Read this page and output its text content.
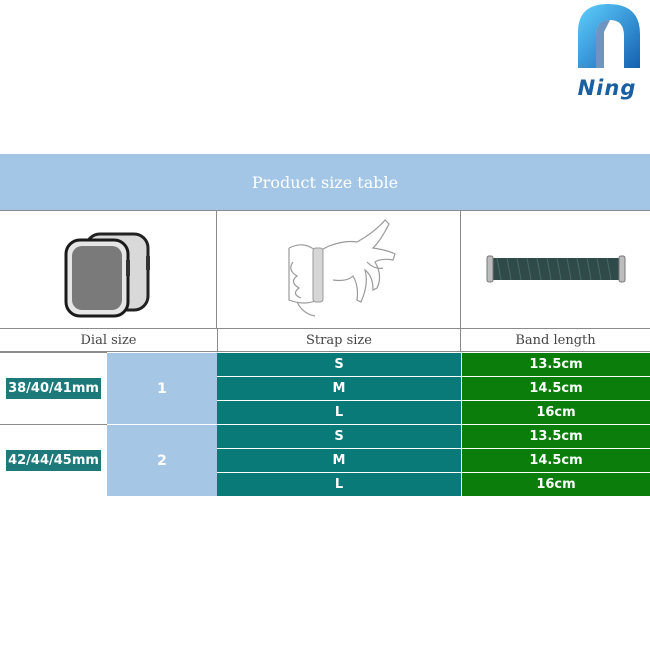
Ning
Product size table
Dial size	Strap size	Band length
38/40/41mm	1
S	13.5cm
M	14.5cm
L	16cm
42/44/45mm	2
S	13.5cm
M	14.5cm
L	16cm
